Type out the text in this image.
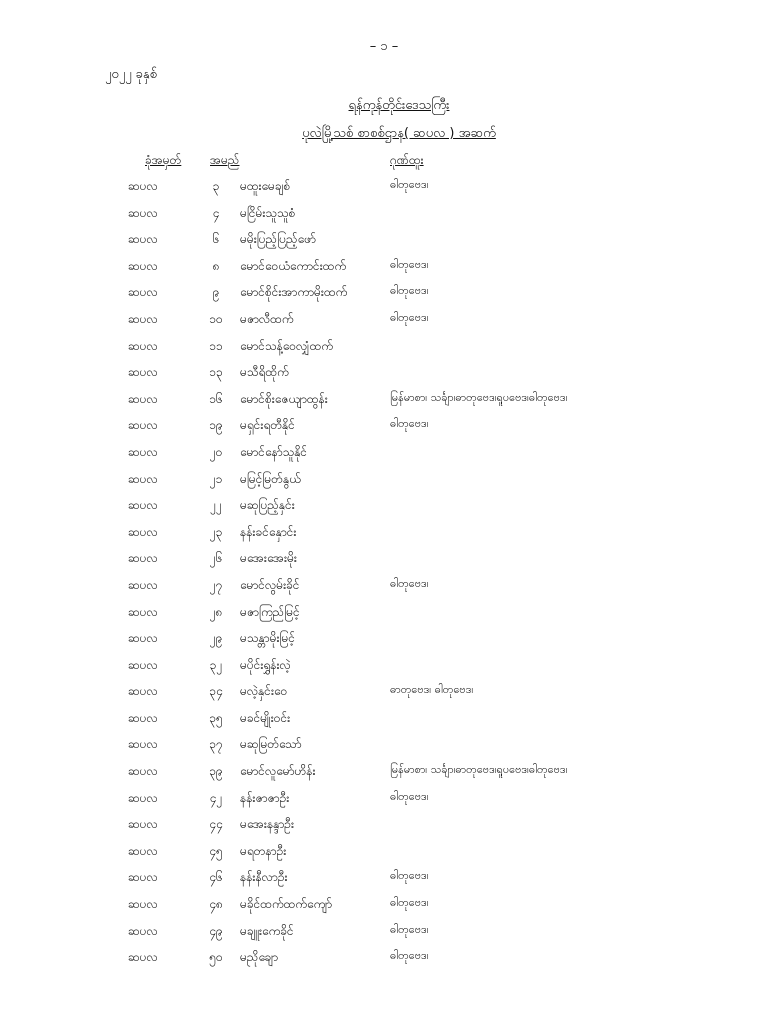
– ၁ –
၂၀၂၂ ခုနှစ်
ရန်ကုန်တိုင်းဒေသကြီး
ပုလဲမြို့သစ် စာစစ်ဌာန( ဆပလ ) အဆက်
ခုံအမှတ် အမည်	ဂုဏ်ထူး
ဆပလ	၃	မထူးမေချစ်	ဓါတုဗေဒ၊
ဆပလ	၄	မငြိမ်းသူသူစံ
ဆပလ	၆	မမိုးပြည့်ပြည့်ဖော်
ဆပလ	၈	မောင်ဝေယံကောင်းထက်	ဓါတုဗေဒ၊
ဆပလ	၉	မောင်စိုင်းအာကာမိုးထက်	ဓါတုဗေဒ၊
ဆပလ	၁၀	မဇာလီထက်	ဓါတုဗေဒ၊
ဆပလ	၁၁	မောင်သန့်ဝေလျှံထက်
ဆပလ	၁၃	မသီရိထိုက်
ဆပလ	၁၆	မောင်စိုးဇေယျာထွန်း	မြန်မာစာ၊ သင်္ချာ၊ဓာတုဗေဒ၊ရူပဗေဒ၊ဓါတုဗေဒ၊
ဆပလ	၁၉	မရှင်းရတီနိုင်	ဓါတုဗေဒ၊
ဆပလ	၂၀	မောင်နော်သူနိုင်
ဆပလ	၂၁	မမြင့်မြတ်နွယ်
ဆပလ	၂၂	မဆုပြည့်နှင်း
ဆပလ	၂၃	နန်းခင်နှောင်း
ဆပလ	၂၆	မအေးအေးမိုး
ဆပလ	၂၇	မောင်လွမ်းခိုင်	ဓါတုဗေဒ၊
ဆပလ	၂၈	မဇာကြည်မြင့်
ဆပလ	၂၉	မသန္တာမိုးမြင့်
ဆပလ	၃၂	မပိုင်းရွှန်းလဲ့
ဆပလ	၃၄	မလဲ့နှင်းဝေ	ဓာတုဗေဒ၊ ဓါတုဗေဒ၊
ဆပလ	၃၅	မခင်မျိုးဝင်း
ဆပလ	၃၇	မဆုမြတ်သော်
ဆပလ	၃၉	မောင်လူမော်ဟိန်း	မြန်မာစာ၊ သင်္ချာ၊ဓာတုဗေဒ၊ရူပဗေဒ၊ဓါတုဗေဒ၊
ဆပလ	၄၂	နန်းဇာဇာဦး	ဓါတုဗေဒ၊
ဆပလ	၄၄	မအေးနန္ဒာဦး
ဆပလ	၄၅	မရတနာဦး
ဆပလ	၄၆	နန်းနီလာဦး	ဓါတုဗေဒ၊
ဆပလ	၄၈	မခိုင်ထက်ထက်ကျော်	ဓါတုဗေဒ၊
ဆပလ	၄၉	မချူးကေခိုင်	ဓါတုဗေဒ၊
ဆပလ	၅၀	မညိုချော	ဓါတုဗေဒ၊
